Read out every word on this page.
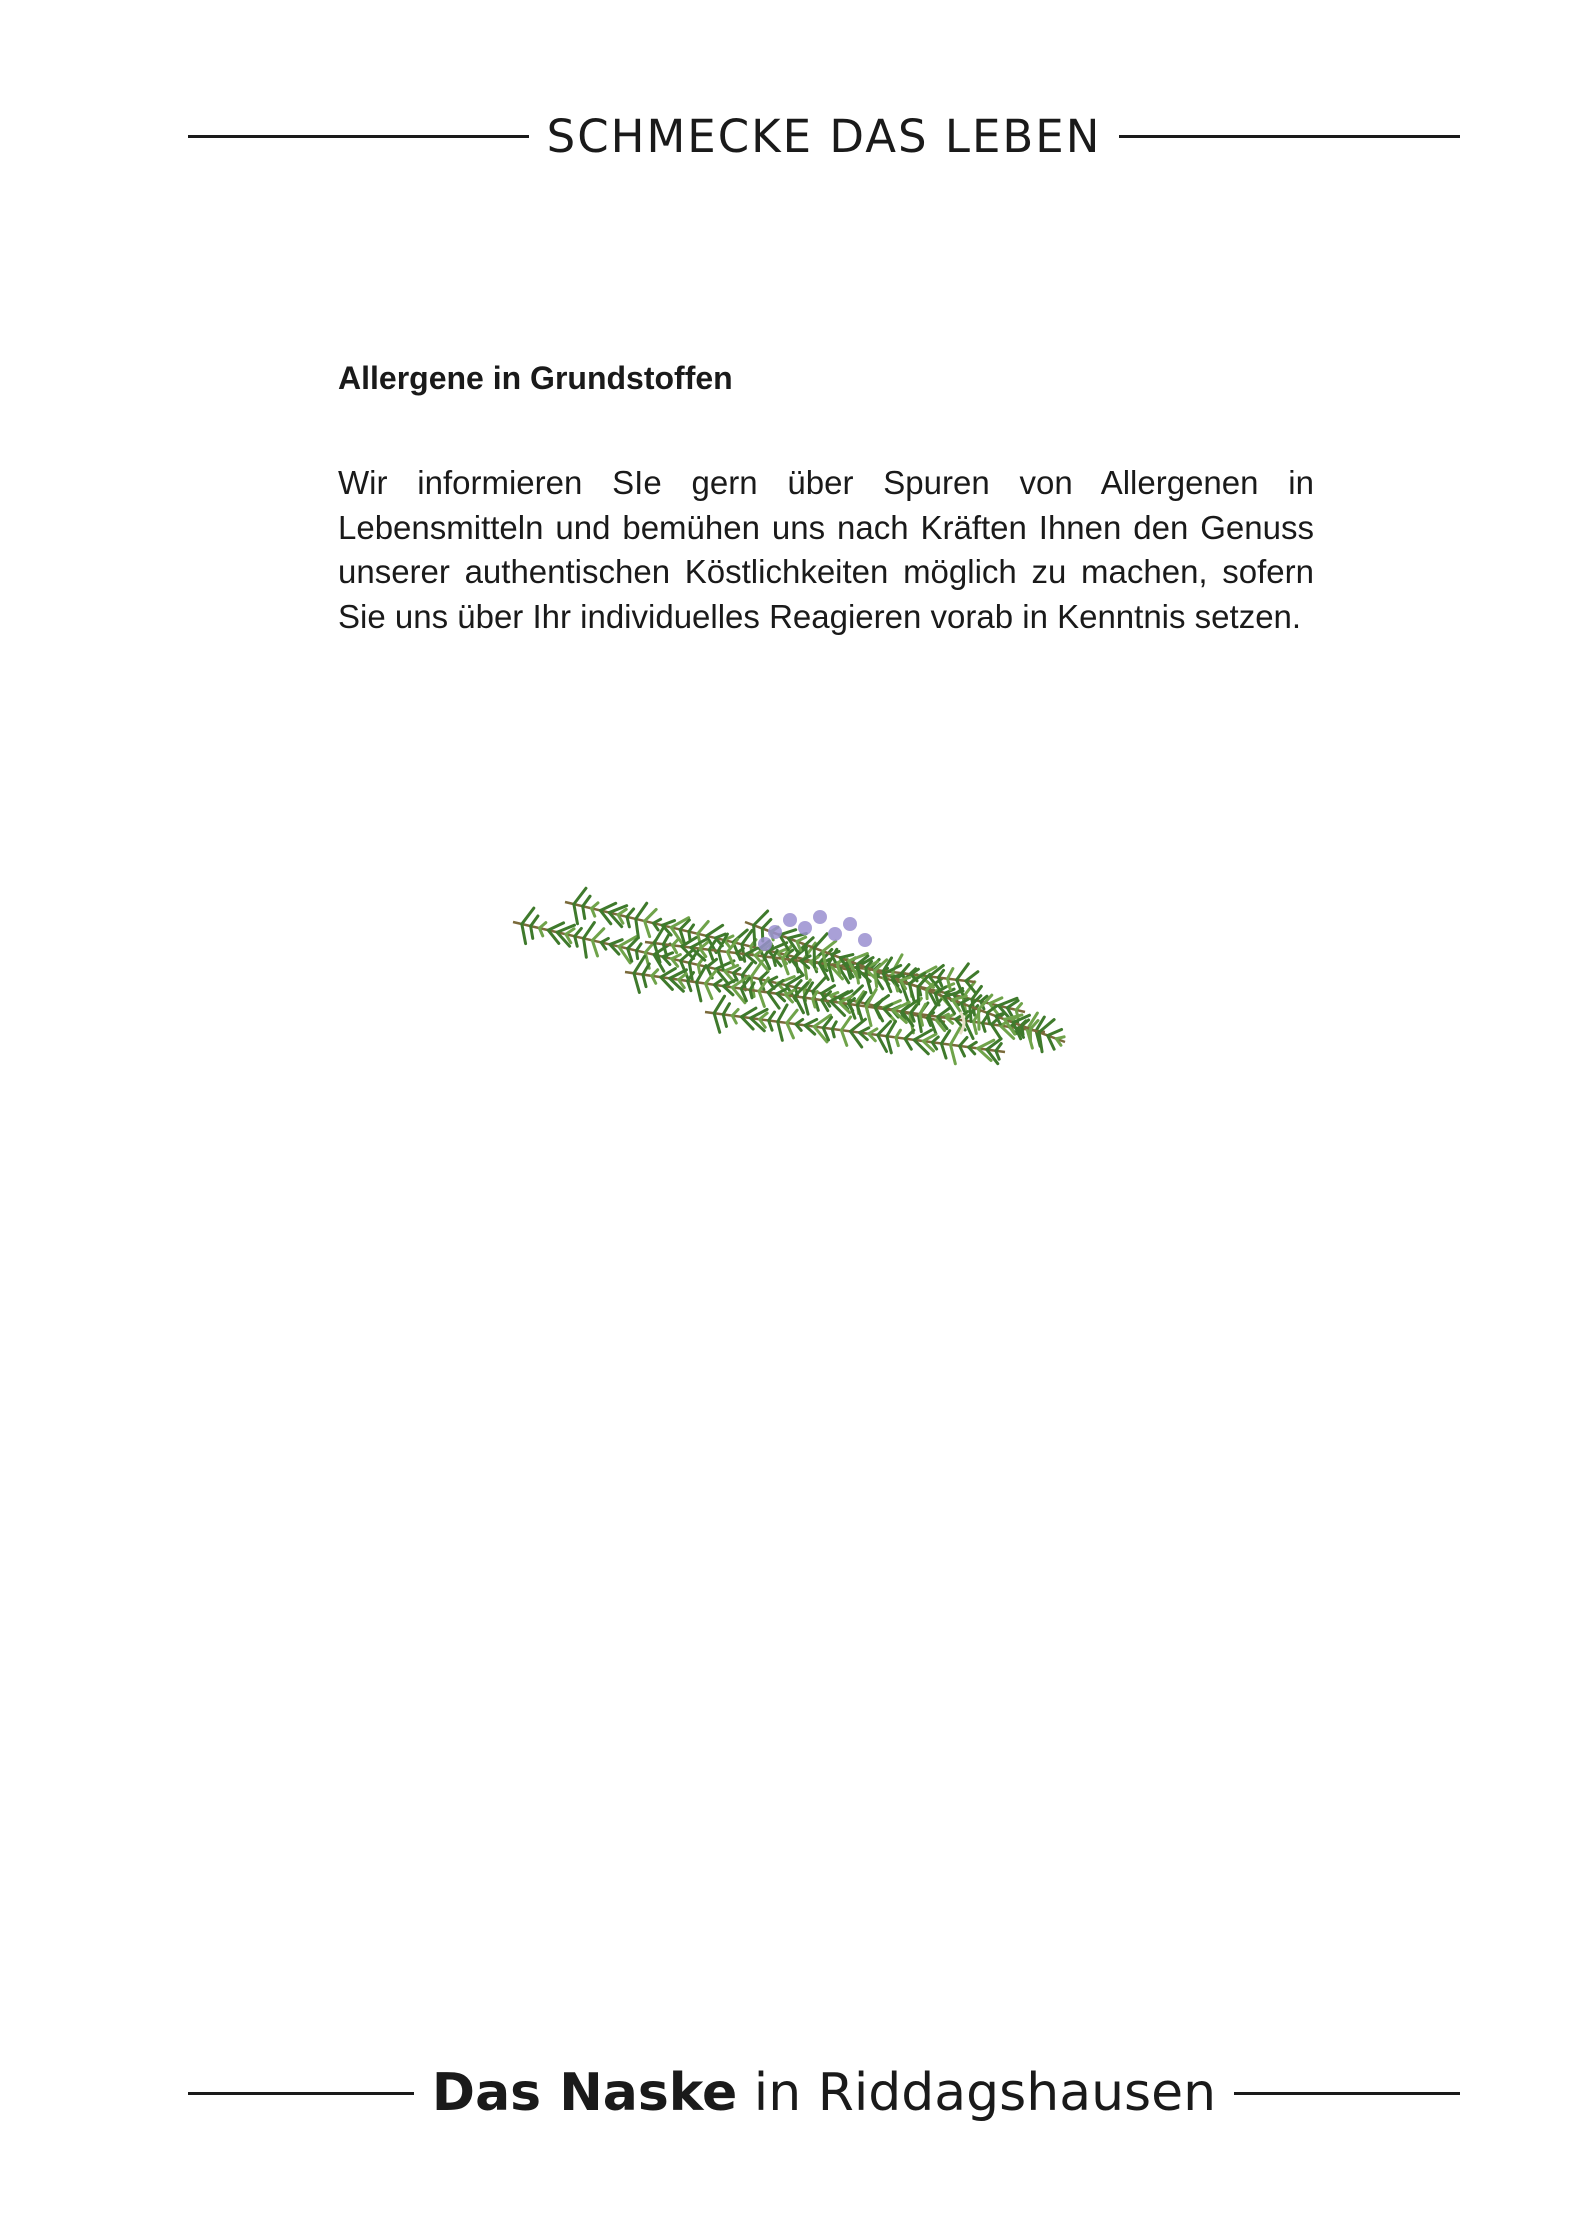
SCHMECKE DAS LEBEN
Allergene in Grundstoffen

Wir informieren SIe gern über Spuren von Allergenen in Lebensmitteln und bemühen uns nach Kräften Ihnen den Genuss unserer authentischen Köstlichkeiten möglich zu machen, sofern Sie uns über Ihr individuelles Reagieren vorab in Kenntnis setzen.

Das Naske in Riddagshausen
